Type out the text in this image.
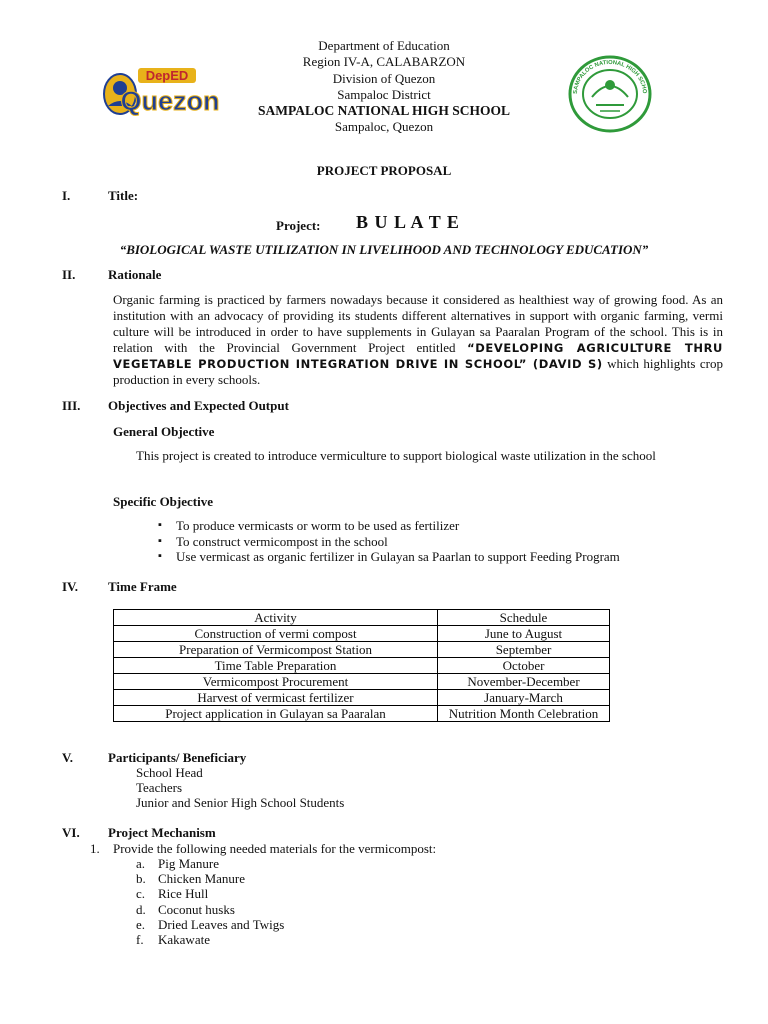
Department of Education
Region IV-A, CALABARZON
Division of Quezon
Sampaloc District
SAMPALOC NATIONAL HIGH SCHOOL
Sampaloc, Quezon
DepED
Quezon	SAMPALOC NATIONAL HIGH SCHO
PROJECT PROPOSAL
I.	Title:
Project: B U L A T E
“BIOLOGICAL WASTE UTILIZATION IN LIVELIHOOD AND TECHNOLOGY EDUCATION”
II.	Rationale

Organic farming is practiced by farmers nowadays because it considered as healthiest way of growing food. As an institution with an advocacy of providing its students different alternatives in support with organic farming, vermi culture will be introduced in order to have supplements in Gulayan sa Paaralan Program of the school. This is in relation with the Provincial Government Project entitled “DEVELOPING AGRICULTURE THRU VEGETABLE PRODUCTION INTEGRATION DRIVE IN SCHOOL” (DAVID S) which highlights crop production in every schools.

III. Objectives and Expected Output
General Objective
This project is created to introduce vermiculture to support biological waste utilization in the school
Specific Objective
▪ To produce vermicasts or worm to be used as fertilizer
▪ To construct vermicompost in the school
▪ Use vermicast as organic fertilizer in Gulayan sa Paarlan to support Feeding Program
IV. Time Frame
Activity	Schedule
Construction of vermi compost	June to August
Preparation of Vermicompost Station	September
Time Table Preparation	October
Vermicompost Procurement	November-December
Harvest of vermicast fertilizer	January-March
Project application in Gulayan sa Paaralan	Nutrition Month Celebration
V.	Participants/ Beneficiary
School Head
Teachers
Junior and Senior High School Students
VI. Project Mechanism
1. Provide the following needed materials for the vermicompost:
a. Pig Manure
b. Chicken Manure
c. Rice Hull
d. Coconut husks
e. Dried Leaves and Twigs
f. Kakawate
